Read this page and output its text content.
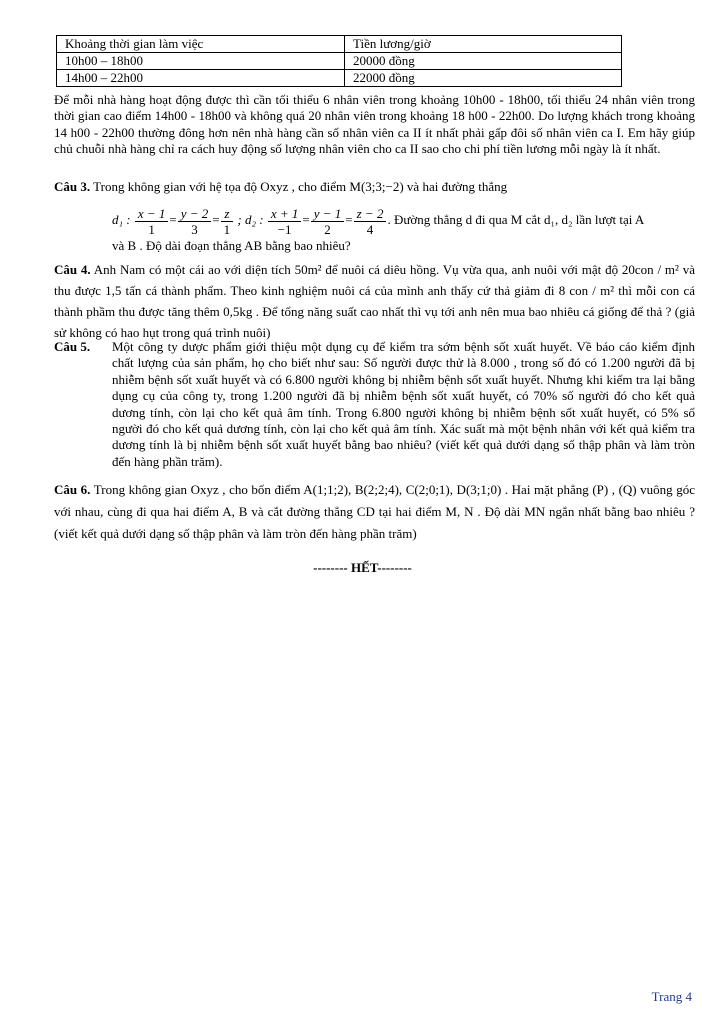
Khoảng thời gian làm việc	Tiền lương/giờ
10h00 – 18h00	20000 đồng
14h00 – 22h00	22000 đồng
Để mỗi nhà hàng hoạt động được thì cần tối thiểu 6 nhân viên trong khoảng 10h00 - 18h00, tối thiểu 24 nhân viên trong thời gian cao điểm 14h00 - 18h00 và không quá 20 nhân viên trong khoảng 18 h00 - 22h00. Do lượng khách trong khoảng 14 h00 - 22h00 thường đông hơn nên nhà hàng cần số nhân viên ca II ít nhất phải gấp đôi số nhân viên ca I. Em hãy giúp chủ chuỗi nhà hàng chỉ ra cách huy động số lượng nhân viên cho ca II sao cho chi phí tiền lương mỗi ngày là ít nhất.
Câu 3. Trong không gian với hệ tọa độ Oxyz , cho điểm M(3;3;−2) và hai đường thẳng
d₁ : $\frac{x - 1}{1} = \frac{y - 2}{3} = \frac{z}{1}$ ; d₂ : $\frac{x + 1}{-1} = \frac{y - 1}{2} = \frac{z - 2}{4}$ . Đường thẳng d đi qua M cắt d₁, d₂ lần lượt tại A
và B . Độ dài đoạn thẳng AB bằng bao nhiêu?
Câu 4. Anh Nam có một cái ao với diện tích 50m² để nuôi cá diêu hồng. Vụ vừa qua, anh nuôi với mật độ 20con / m² và thu được 1,5 tấn cá thành phẩm. Theo kinh nghiệm nuôi cá của mình anh thấy cứ thả giảm đi 8 con / m² thì mỗi con cá thành phầm thu được tăng thêm 0,5kg . Để tổng năng suất cao nhất thì vụ tới anh nên mua bao nhiêu cá giống để thả ? (giả sử không có hao hụt trong quá trình nuôi)
Câu 5.	Một công ty dược phẩm giới thiệu một dụng cụ để kiểm tra sớm bệnh sốt xuất huyết. Về báo cáo kiểm định chất lượng của sản phẩm, họ cho biết như sau: Số người được thử là 8.000 , trong số đó có 1.200 người đã bị nhiễm bệnh sốt xuất huyết và có 6.800 người không bị nhiễm bệnh sốt xuất huyết. Nhưng khi kiểm tra lại bằng dụng cụ của công ty, trong 1.200 người đã bị nhiễm bệnh sốt xuất huyết, có 70% số người đó cho kết quả dương tính, còn lại cho kết quả âm tính. Trong 6.800 người không bị nhiễm bệnh sốt xuất huyết, có 5% số người đó cho kết quả dương tính, còn lại cho kết quả âm tính. Xác suất mà một bệnh nhân với kết quả kiểm tra dương tính là bị nhiễm bệnh sốt xuất huyết bằng bao nhiêu? (viết kết quả dưới dạng số thập phân và làm tròn đến hàng phần trăm).
Câu 6. Trong không gian Oxyz , cho bốn điểm A(1;1;2), B(2;2;4), C(2;0;1), D(3;1;0) . Hai mặt phẳng (P) , (Q) vuông góc với nhau, cùng đi qua hai điểm A, B và cắt đường thẳng CD tại hai điểm M, N . Độ dài MN ngắn nhất bằng bao nhiêu ? (viết kết quả dưới dạng số thập phân và làm tròn đến hàng phần trăm)
-------- HẾT--------
Trang 4
